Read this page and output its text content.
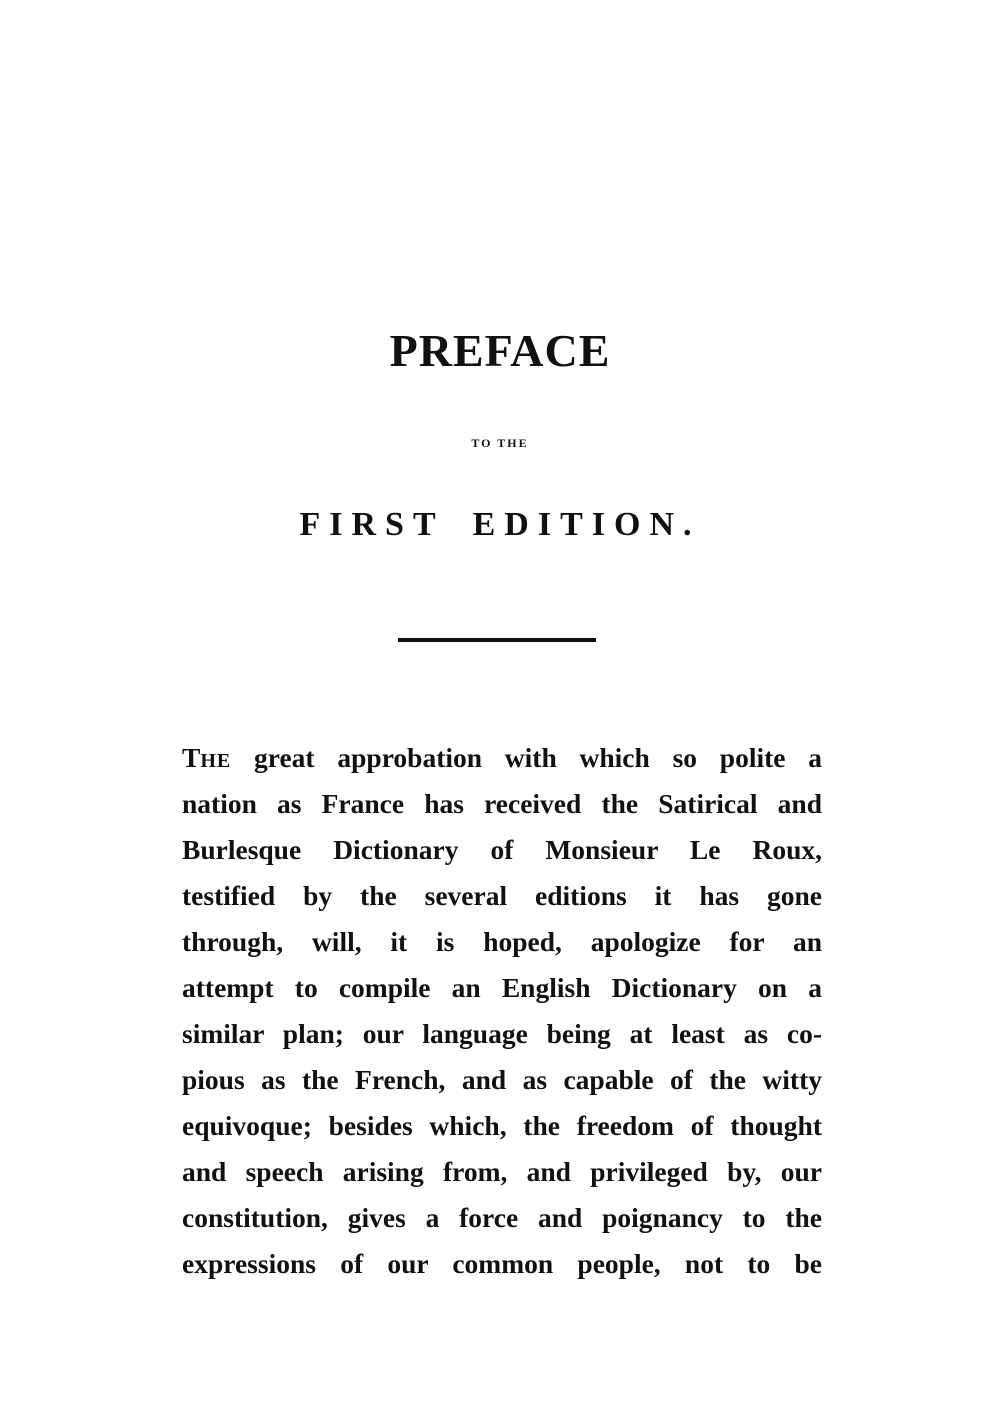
PREFACE
TO THE
FIRST EDITION.
THE great approbation with which so polite a
nation as France has received the Satirical and
Burlesque Dictionary of Monsieur Le Roux,
testified by the several editions it has gone
through, will, it is hoped, apologize for an
attempt to compile an English Dictionary on a
similar plan; our language being at least as co-
pious as the French, and as capable of the witty
equivoque; besides which, the freedom of thought
and speech arising from, and privileged by, our
constitution, gives a force and poignancy to the
expressions of our common people, not to be
